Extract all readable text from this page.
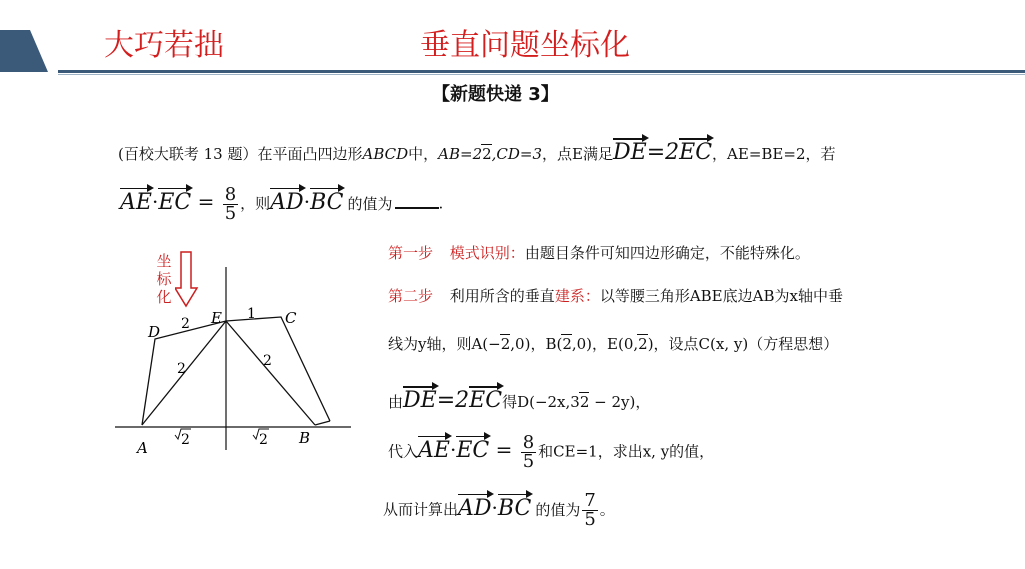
大巧若拙	垂直问题坐标化
【新题快递 3】
(百校大联考 13 题）在平面凸四边形ABCD中，AB=22,CD=3，点E满足DE=2EC，AE=BE=2，若
$AE\cdot EC = \frac{8}{5}$ ，则AD·BC 的值为	.
坐标化
D
E	C
A
B
2
1
2	2
2	2
第一步 模式识别：由题目条件可知四边形确定，不能特殊化。
第二步 利用所含的垂直建系：以等腰三角形ABE底边AB为x轴中垂
线为y轴，则A(−2,0)，B(2,0)，E(0,2)，设点C(x, y)（方程思想）
由DE=2EC得D(−2x,32 − 2y)，
代入$AE\cdot EC = \frac{8}{5}$ 和CE=1，求出x, y的值，
从而计算出AD·BC 的值为 $\frac{7}{5}$ 。
